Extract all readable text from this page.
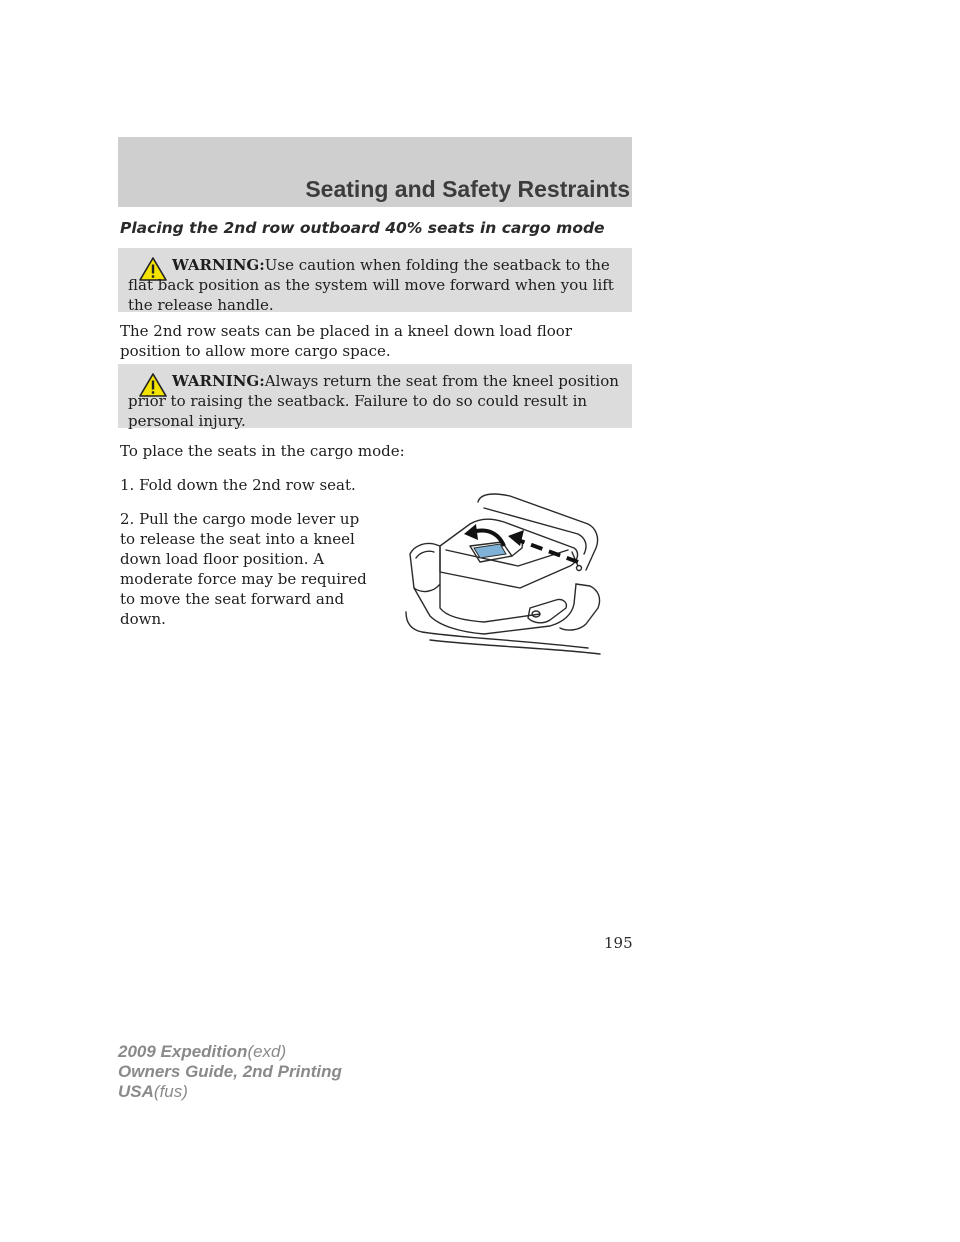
Seating and Safety Restraints
Placing the 2nd row outboard 40% seats in cargo mode
WARNING:Use caution when folding the seatback to the flat back position as the system will move forward when you lift the release handle.
The 2nd row seats can be placed in a kneel down load floor position to allow more cargo space.
WARNING:Always return the seat from the kneel position prior to raising the seatback. Failure to do so could result in personal injury.
To place the seats in the cargo mode:
1. Fold down the 2nd row seat.
2. Pull the cargo mode lever up to release the seat into a kneel down load floor position. A moderate force may be required to move the seat forward and down.
195
2009 Expedition(exd)
Owners Guide, 2nd Printing
USA(fus)
